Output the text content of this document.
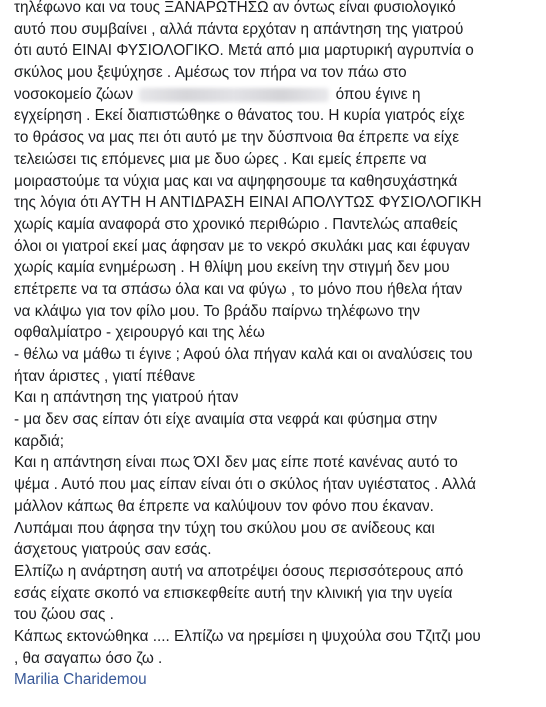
τηλέφωνο και να τους ΞΑΝΑΡΩΤΗΣΩ αν όντως είναι φυσιολογικό
αυτό που συμβαίνει , αλλά πάντα ερχόταν η απάντηση της γιατρού
ότι αυτό ΕΙΝΑΙ ΦΥΣΙΟΛΟΓΙΚΟ. Μετά από μια μαρτυρική αγρυπνία ο
σκύλος μου ξεψύχησε . Αμέσως τον πήρα να τον πάω στο
νοσοκομείο ζώων	όπου έγινε η
εγχείρηση . Εκεί διαπιστώθηκε ο θάνατος του. Η κυρία γιατρός είχε
το θράσος να μας πει ότι αυτό με την δύσπνοια θα έπρεπε να είχε
τελειώσει τις επόμενες μια με δυο ώρες . Και εμείς έπρεπε να
μοιραστούμε τα νύχια μας και να αψηφησουμε τα καθησυχάστηκά
της λόγια ότι ΑΥΤΗ Η ΑΝΤΙΔΡΑΣΗ ΕΙΝΑΙ ΑΠΟΛΥΤΩΣ ΦΥΣΙΟΛΟΓΙΚΗ
χωρίς καμία αναφορά στο χρονικό περιθώριο . Παντελώς απαθείς
όλοι οι γιατροί εκεί μας άφησαν με το νεκρό σκυλάκι μας και έφυγαν
χωρίς καμία ενημέρωση . Η θλίψη μου εκείνη την στιγμή δεν μου
επέτρεπε να τα σπάσω όλα και να φύγω , το μόνο που ήθελα ήταν
να κλάψω για τον φίλο μου. Το βράδυ παίρνω τηλέφωνο την
οφθαλμίατρο - χειρουργό και της λέω
- θέλω να μάθω τι έγινε ; Αφού όλα πήγαν καλά και οι αναλύσεις του
ήταν άριστες , γιατί πέθανε
Και η απάντηση της γιατρού ήταν
- μα δεν σας είπαν ότι είχε αναιμία στα νεφρά και φύσημα στην
καρδιά;
Και η απάντηση είναι πως ΌΧΙ δεν μας είπε ποτέ κανένας αυτό το
ψέμα . Αυτό που μας είπαν είναι ότι ο σκύλος ήταν υγιέστατος . Αλλά
μάλλον κάπως θα έπρεπε να καλύψουν τον φόνο που έκαναν.
Λυπάμαι που άφησα την τύχη του σκύλου μου σε ανίδεους και
άσχετους γιατρούς σαν εσάς.
Ελπίζω η ανάρτηση αυτή να αποτρέψει όσους περισσότερους από
εσάς είχατε σκοπό να επισκεφθείτε αυτή την κλινική για την υγεία
του ζώου σας .
Κάπως εκτονώθηκα .... Ελπίζω να ηρεμίσει η ψυχούλα σου Τζιτζι μου
, θα σαγαπω όσο ζω .
Marilia Charidemou
